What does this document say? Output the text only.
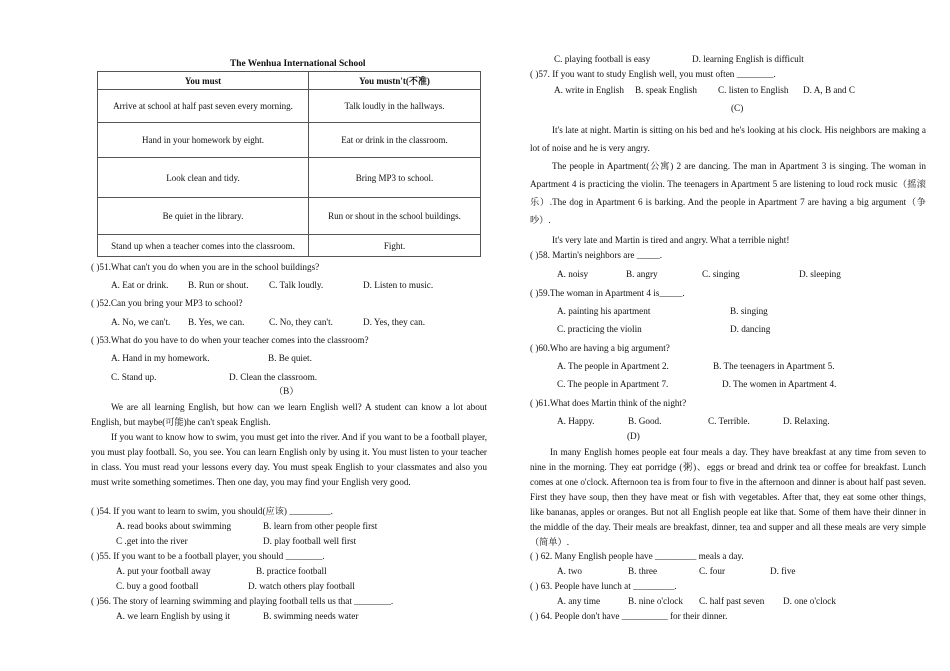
The Wenhua International School
You must	You mustn't(不准)
Arrive at school at half past seven every morning.	Talk loudly in the hallways.
Hand in your homework by eight.	Eat or drink in the classroom.
Look clean and tidy.	Bring MP3 to school.
Be quiet in the library.	Run or shout in the school buildings.
Stand up when a teacher comes into the classroom.	Fight.
( )51.What can't you do when you are in the school buildings?
A. Eat or drink. B. Run or shout. C. Talk loudly.	D. Listen to music.
( )52.Can you bring your MP3 to school?
A. No, we can't. B. Yes, we can.	C. No, they can't.	D. Yes, they can.
( )53.What do you have to do when your teacher comes into the classroom?
A. Hand in my homework.	B. Be quiet.
C. Stand up.	D. Clean the classroom.
（B）
We are all learning English, but how can we learn English well? A student can know a lot about English, but maybe(可能)he can't speak English.
If you want to know how to swim, you must get into the river. And if you want to be a football player, you must play football. So, you see. You can learn English only by using it. You must listen to your teacher in class. You must read your lessons every day. You must speak English to your classmates and also you must write something sometimes. Then one day, you may find your English very good.
( )54. If you want to learn to swim, you should(应该) _________.
A. read books about swimming	B. learn from other people first
C .get into the river	D. play football well first
( )55. If you want to be a football player, you should ________.
A. put your football away	B. practice football
C. buy a good football	D. watch others play football
( )56. The story of learning swimming and playing football tells us that ________.
A. we learn English by using it	B. swimming needs water
C. playing football is easy	D. learning English is difficult
( )57. If you want to study English well, you must often ________.
A. write in English B. speak English C. listen to English D. A, B and C
(C)
It's late at night. Martin is sitting on his bed and he's looking at his clock. His neighbors are making a lot of noise and he is very angry.
The people in Apartment(公寓) 2 are dancing. The man in Apartment 3 is singing. The woman in Apartment 4 is practicing the violin. The teenagers in Apartment 5 are listening to loud rock music（摇滚乐）.The dog in Apartment 6 is barking. And the people in Apartment 7 are having a big argument（争吵）.
It's very late and Martin is tired and angry. What a terrible night!
( )58. Martin's neighbors are _____.
A. noisy	B. angry	C. singing	D. sleeping
( )59.The woman in Apartment 4 is_____.
A. painting his apartment	B. singing
C. practicing the violin	D. dancing
( )60.Who are having a big argument?
A. The people in Apartment 2.	B. The teenagers in Apartment 5.
C. The people in Apartment 7.	D. The women in Apartment 4.
( )61.What does Martin think of the night?
A. Happy.	B. Good.	C. Terrible.	D. Relaxing.
(D)
In many English homes people eat four meals a day. They have breakfast at any time from seven to nine in the morning. They eat porridge (粥)、eggs or bread and drink tea or coffee for breakfast. Lunch comes at one o'clock. Afternoon tea is from four to five in the afternoon and dinner is about half past seven. First they have soup, then they have meat or fish with vegetables. After that, they eat some other things, like bananas, apples or oranges. But not all English people eat like that. Some of them have their dinner in the middle of the day. Their meals are breakfast, dinner, tea and supper and all these meals are very simple（简单）.
( ) 62. Many English people have _________ meals a day.
A. two	B. three	C. four	D. five
( ) 63. People have lunch at _________.
A. any time	B. nine o'clock C. half past seven D. one o'clock
( ) 64. People don't have __________ for their dinner.
